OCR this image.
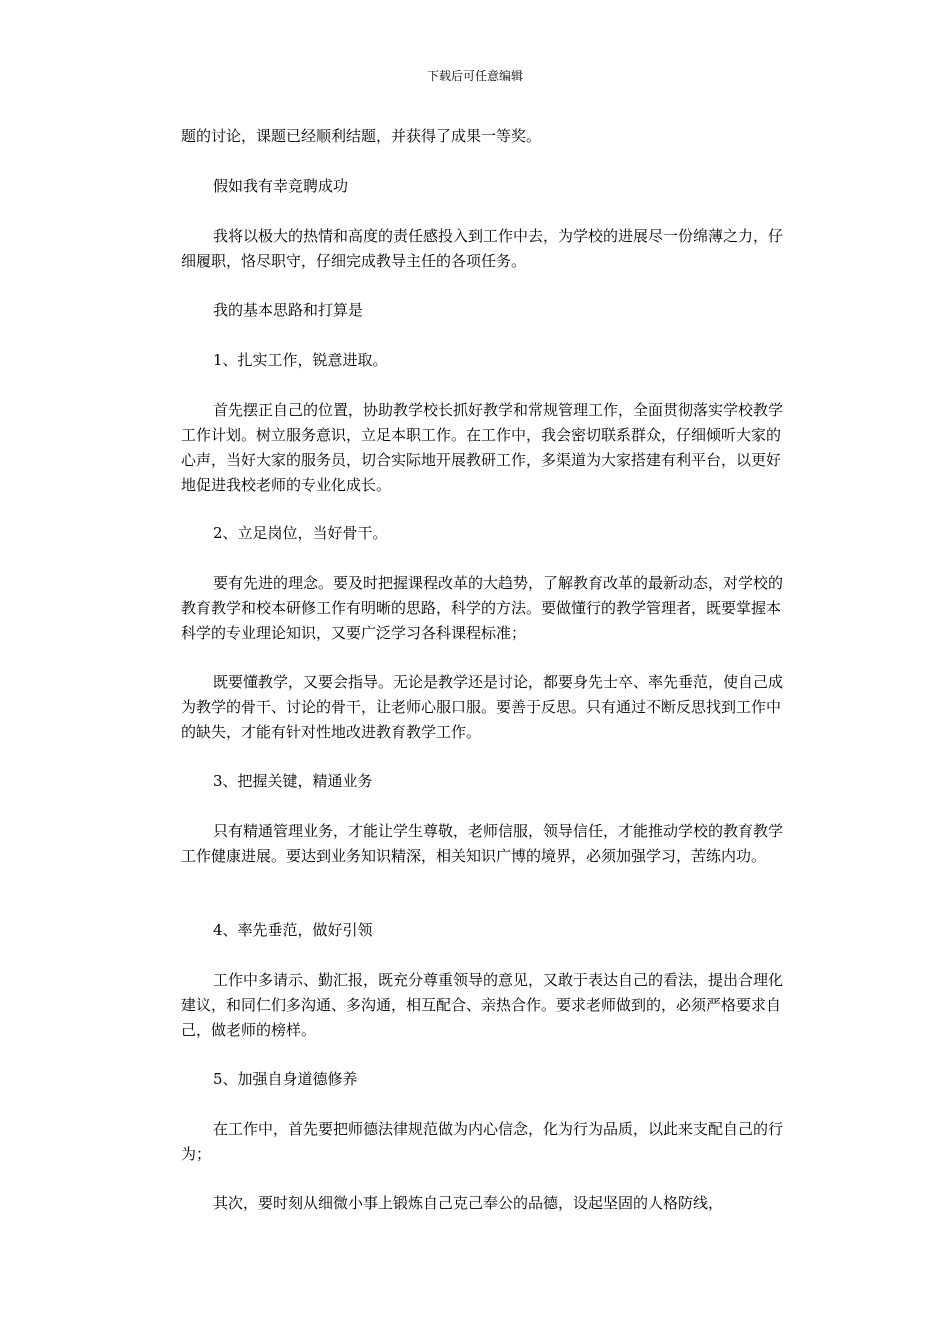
下载后可任意编辑

题的讨论，课题已经顺利结题，并获得了成果一等奖。

假如我有幸竞聘成功

我将以极大的热情和高度的责任感投入到工作中去，为学校的进展尽一份绵薄之力，仔细履职，恪尽职守，仔细完成教导主任的各项任务。

我的基本思路和打算是

1、扎实工作，锐意进取。

首先摆正自己的位置，协助教学校长抓好教学和常规管理工作，全面贯彻落实学校教学工作计划。树立服务意识，立足本职工作。在工作中，我会密切联系群众，仔细倾听大家的心声，当好大家的服务员，切合实际地开展教研工作，多渠道为大家搭建有利平台，以更好地促进我校老师的专业化成长。

2、立足岗位，当好骨干。

要有先进的理念。要及时把握课程改革的大趋势，了解教育改革的最新动态，对学校的教育教学和校本研修工作有明晰的思路，科学的方法。要做懂行的教学管理者，既要掌握本科学的专业理论知识，又要广泛学习各科课程标准；

既要懂教学，又要会指导。无论是教学还是讨论，都要身先士卒、率先垂范，使自己成为教学的骨干、讨论的骨干，让老师心服口服。要善于反思。只有通过不断反思找到工作中的缺失，才能有针对性地改进教育教学工作。

3、把握关键，精通业务

只有精通管理业务，才能让学生尊敬，老师信服，领导信任，才能推动学校的教育教学工作健康进展。要达到业务知识精深，相关知识广博的境界，必须加强学习，苦练内功。

4、率先垂范，做好引领

工作中多请示、勤汇报，既充分尊重领导的意见，又敢于表达自己的看法，提出合理化建议，和同仁们多沟通、多沟通，相互配合、亲热合作。要求老师做到的，必须严格要求自己，做老师的榜样。

5、加强自身道德修养

在工作中，首先要把师德法律规范做为内心信念，化为行为品质，以此来支配自己的行为；

其次，要时刻从细微小事上锻炼自己克己奉公的品德，设起坚固的人格防线，
